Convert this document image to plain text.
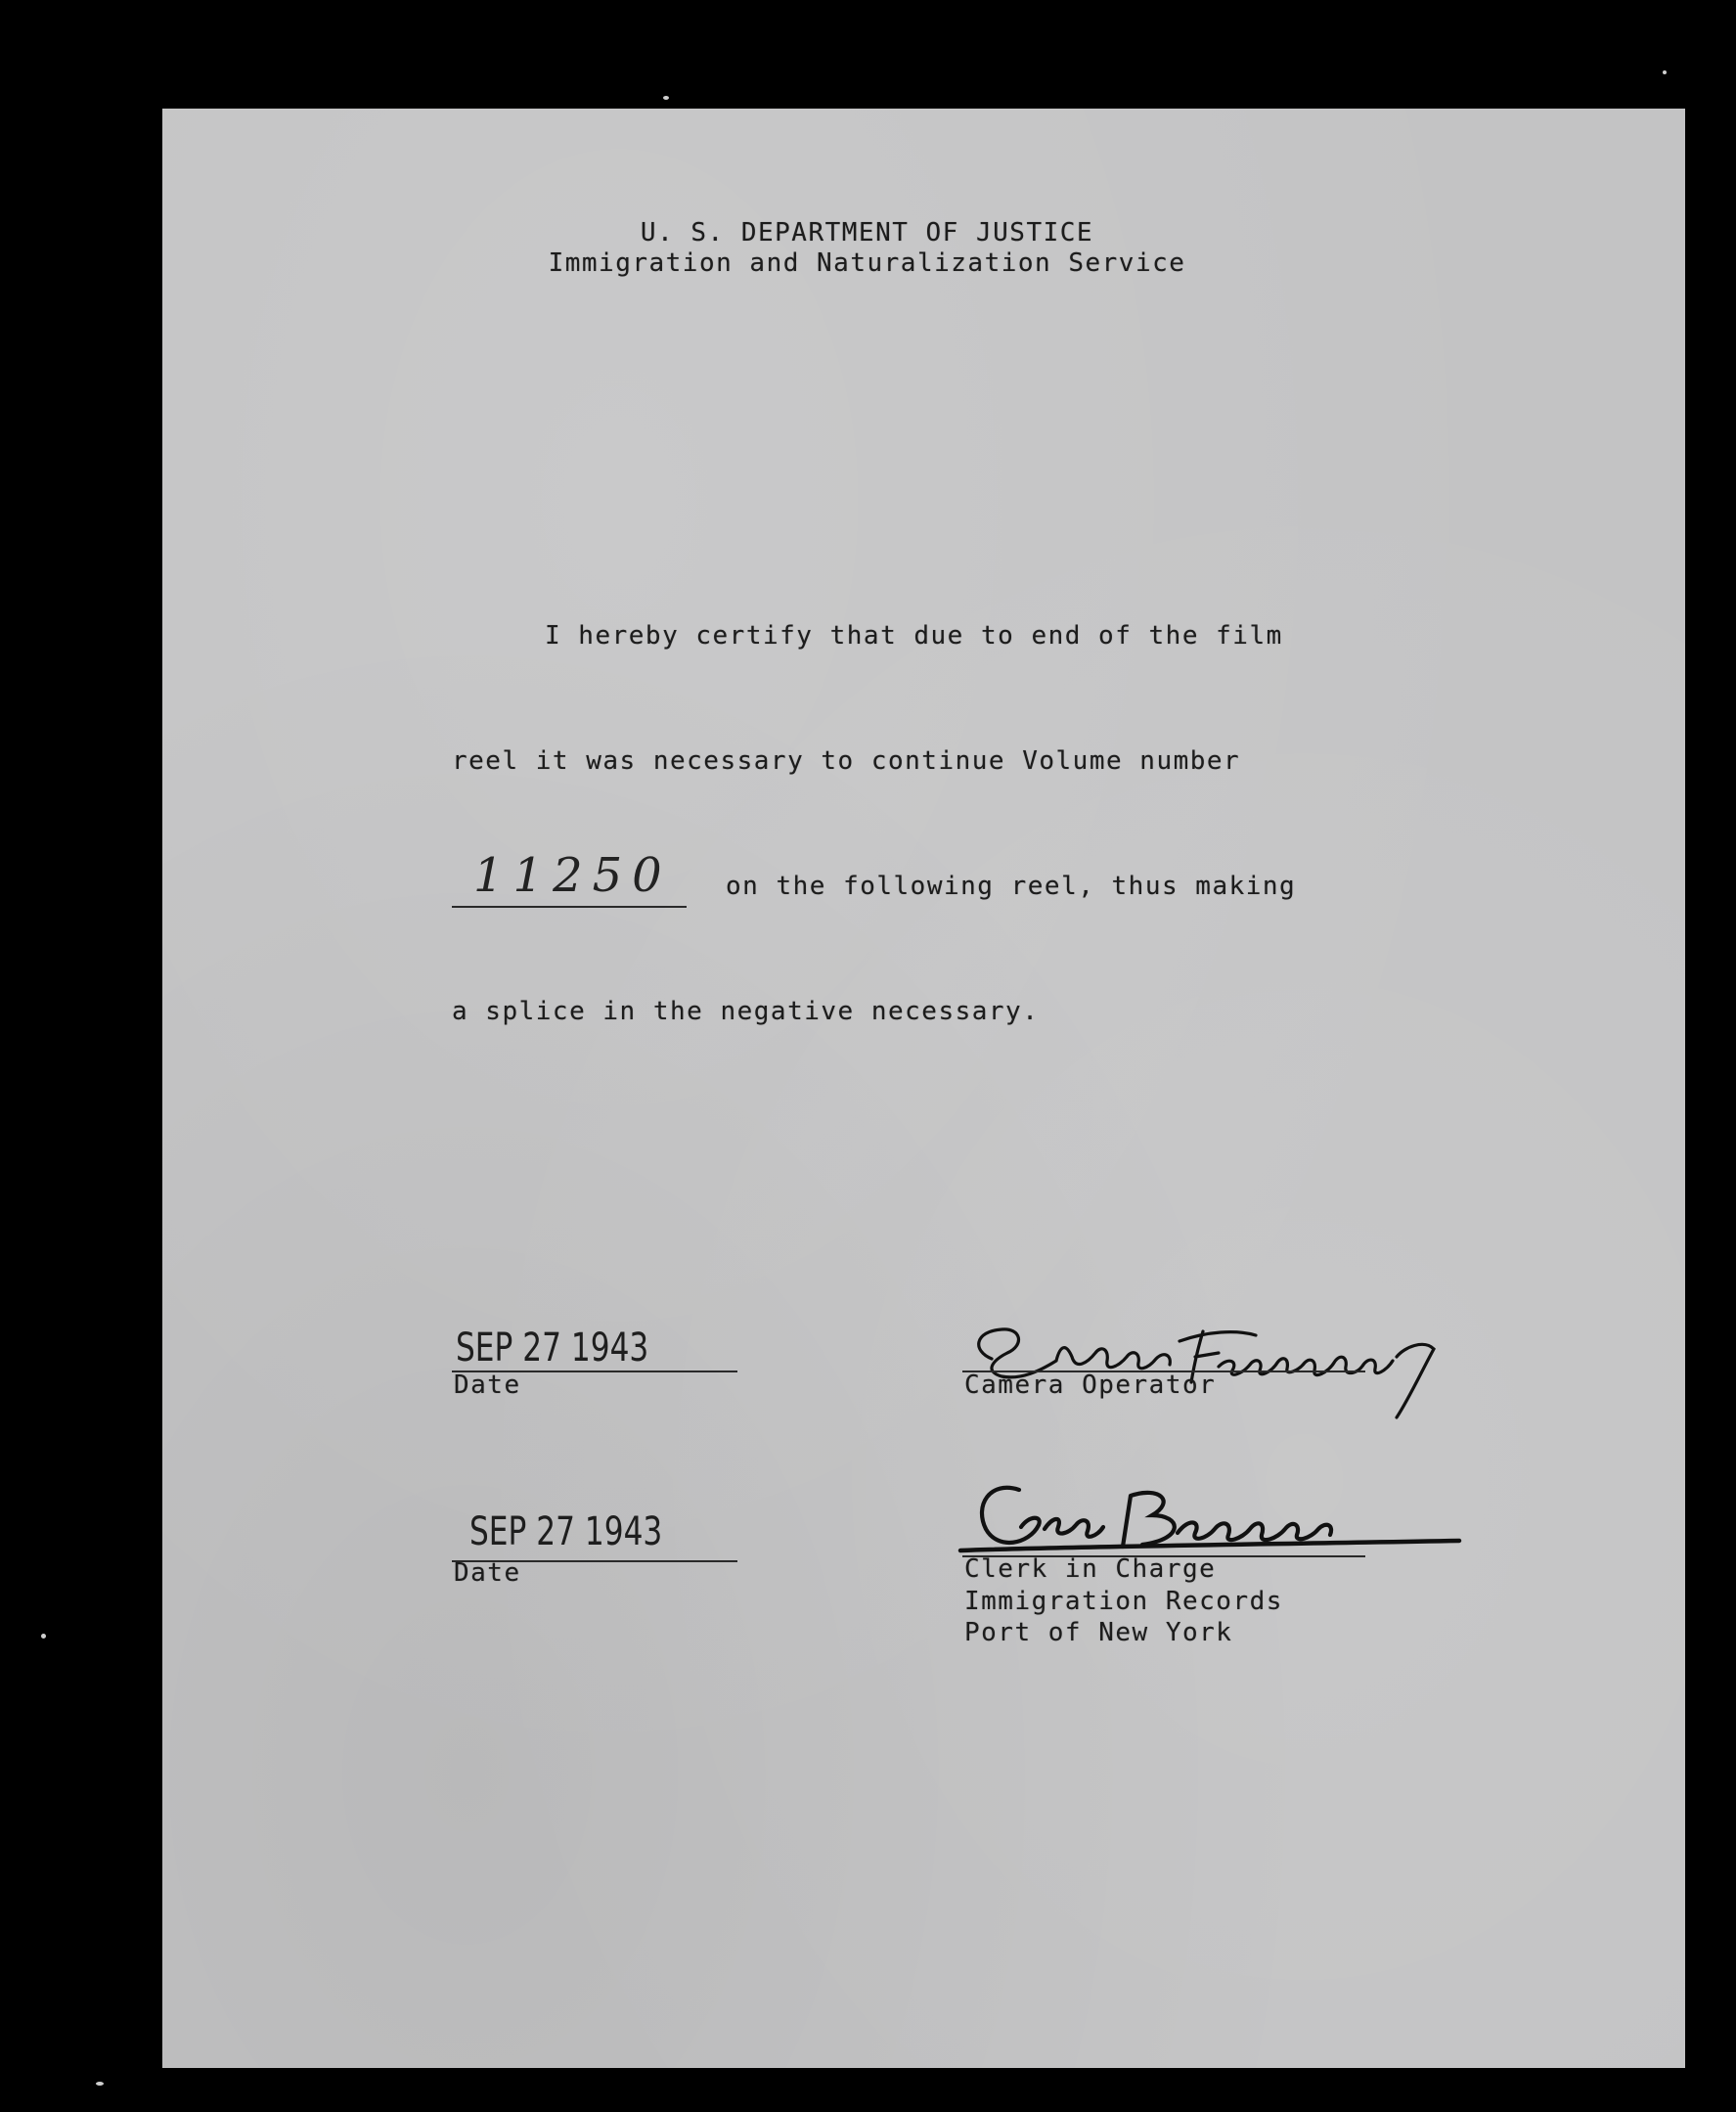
U. S. DEPARTMENT OF JUSTICE
Immigration and Naturalization Service
I hereby certify that due to end of the film
reel it was necessary to continue Volume number
11250 on the following reel, thus making
a splice in the negative necessary.
SEP 27 1943
Date	Camera Operator
SEP 27 1943
Date	Clerk in Charge
Immigration Records
Port of New York
